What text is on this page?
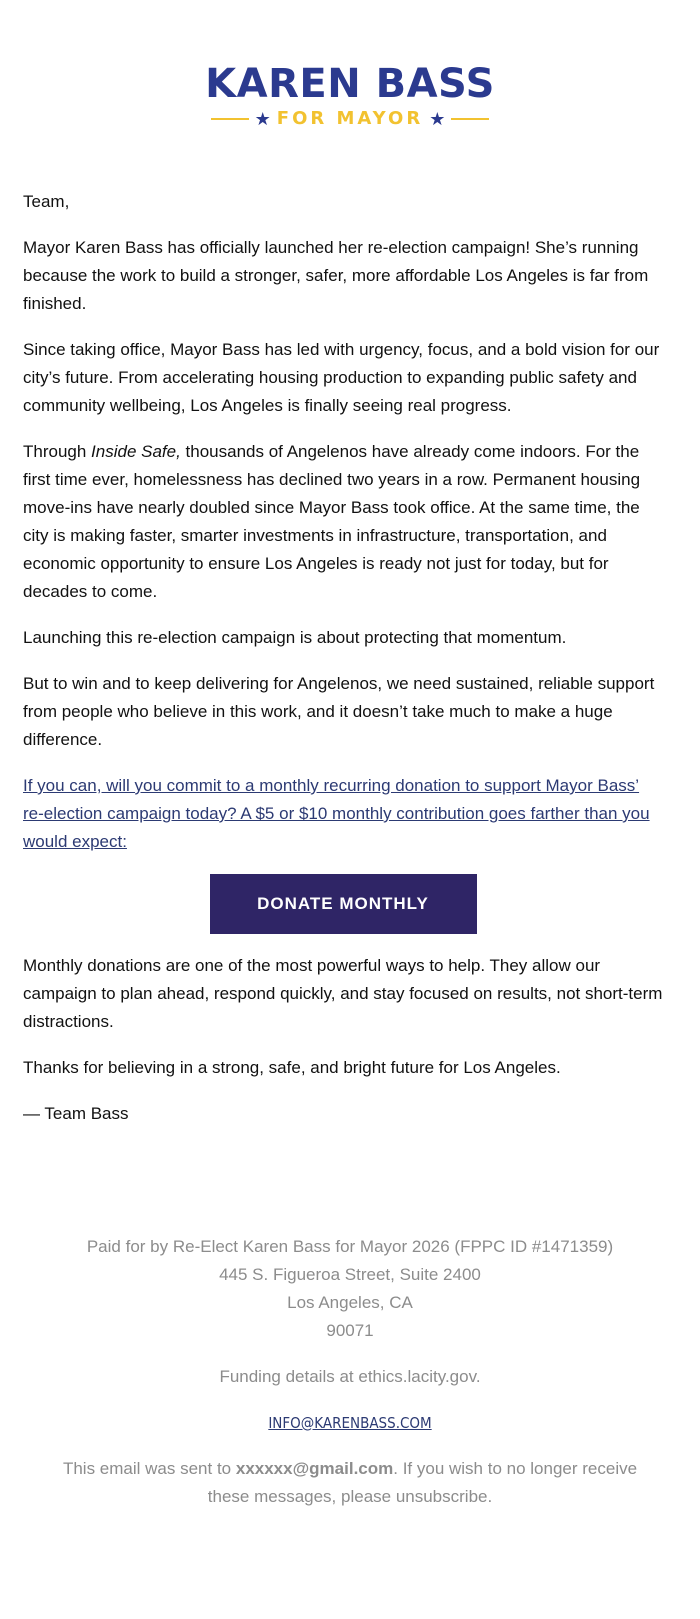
KAREN BASS
★ FOR MAYOR ★

Team,

Mayor Karen Bass has officially launched her re-election campaign! She’s running because the work to build a stronger, safer, more affordable Los Angeles is far from finished.

Since taking office, Mayor Bass has led with urgency, focus, and a bold vision for our city’s future. From accelerating housing production to expanding public safety and community wellbeing, Los Angeles is finally seeing real progress.

Through Inside Safe, thousands of Angelenos have already come indoors. For the first time ever, homelessness has declined two years in a row. Permanent housing move-ins have nearly doubled since Mayor Bass took office. At the same time, the city is making faster, smarter investments in infrastructure, transportation, and economic opportunity to ensure Los Angeles is ready not just for today, but for decades to come.

Launching this re-election campaign is about protecting that momentum.

But to win and to keep delivering for Angelenos, we need sustained, reliable support from people who believe in this work, and it doesn’t take much to make a huge difference.

If you can, will you commit to a monthly recurring donation to support Mayor Bass’ re-election campaign today? A $5 or $10 monthly contribution goes farther than you would expect:

DONATE MONTHLY

Monthly donations are one of the most powerful ways to help. They allow our campaign to plan ahead, respond quickly, and stay focused on results, not short-term distractions.

Thanks for believing in a strong, safe, and bright future for Los Angeles.

— Team Bass

Paid for by Re-Elect Karen Bass for Mayor 2026 (FPPC ID #1471359)
445 S. Figueroa Street, Suite 2400
Los Angeles, CA
90071
Funding details at ethics.lacity.gov.
INFO@KARENBASS.COM
This email was sent to xxxxxx@gmail.com. If you wish to no longer receive these messages, please unsubscribe.
